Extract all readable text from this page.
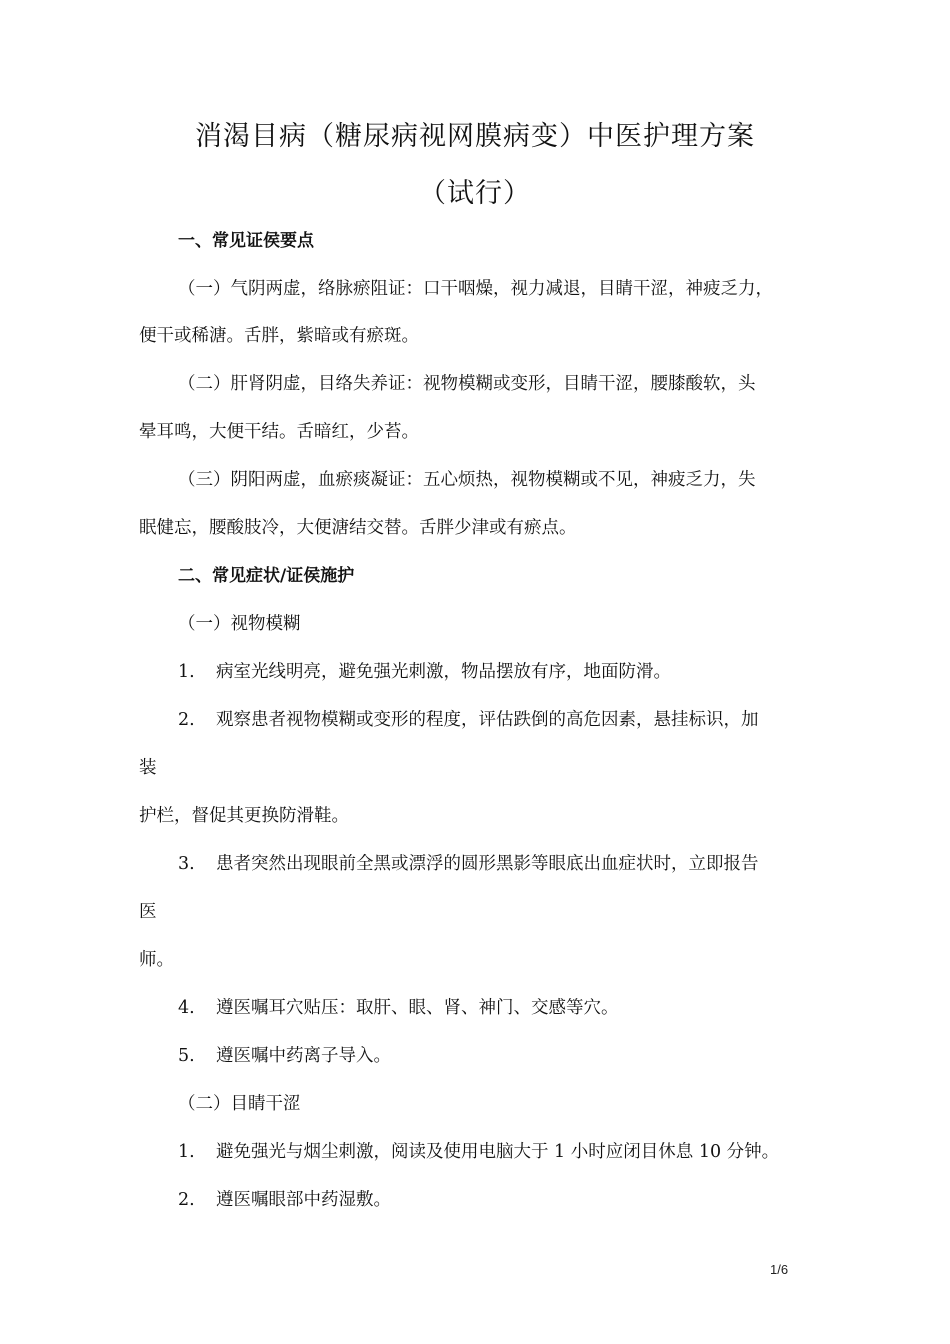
消渴目病（糖尿病视网膜病变）中医护理方案
（试行）
一、常见证侯要点
（一）气阴两虚，络脉瘀阻证：口干咽燥，视力减退，目睛干涩，神疲乏力，
便干或稀溏。舌胖，紫暗或有瘀斑。
（二）肝肾阴虚，目络失养证：视物模糊或变形，目睛干涩，腰膝酸软，头
晕耳鸣，大便干结。舌暗红，少苔。
（三）阴阳两虚，血瘀痰凝证：五心烦热，视物模糊或不见，神疲乏力，失
眠健忘，腰酸肢冷，大便溏结交替。舌胖少津或有瘀点。
二、常见症状/证侯施护
（一）视物模糊
1. 病室光线明亮，避免强光刺激，物品摆放有序，地面防滑。
2. 观察患者视物模糊或变形的程度，评估跌倒的高危因素，悬挂标识，加
装
护栏，督促其更换防滑鞋。
3. 患者突然出现眼前全黑或漂浮的圆形黑影等眼底出血症状时，立即报告
医
师。
4. 遵医嘱耳穴贴压：取肝、眼、肾、神门、交感等穴。
5. 遵医嘱中药离子导入。
（二）目睛干涩
1. 避免强光与烟尘刺激，阅读及使用电脑大于 1 小时应闭目休息 10 分钟。
2. 遵医嘱眼部中药湿敷。
1/6
